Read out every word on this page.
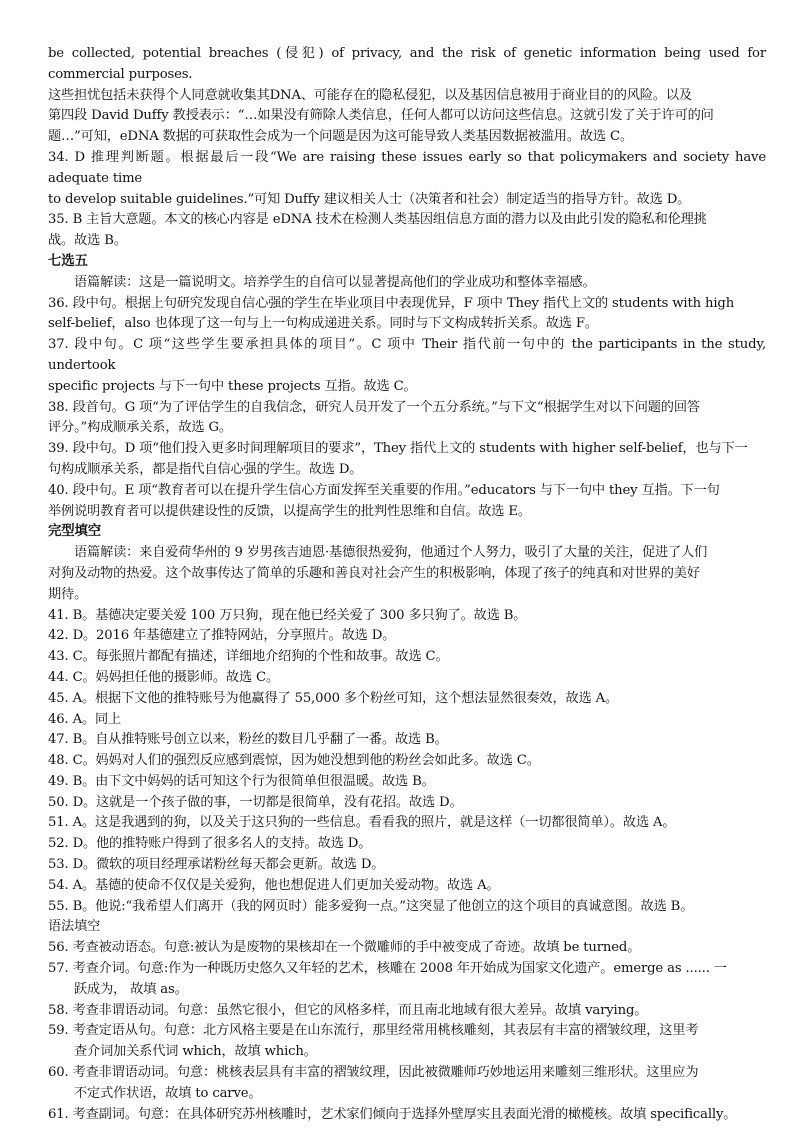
be collected, potential breaches (侵犯) of privacy, and the risk of genetic information being used for commercial purposes.

这些担忧包括未获得个人同意就收集其DNA、可能存在的隐私侵犯，以及基因信息被用于商业目的的风险。以及

第四段 David Duffy 教授表示：“…如果没有筛除人类信息，任何人都可以访问这些信息。这就引发了关于许可的问

题…”可知，eDNA 数据的可获取性会成为一个问题是因为这可能导致人类基因数据被滥用。故选 C。

34. D 推理判断题。根据最后一段“We are raising these issues early so that policymakers and society have adequate time

to develop suitable guidelines.”可知 Duffy 建议相关人士（决策者和社会）制定适当的指导方针。故选 D。

35. B 主旨大意题。本文的核心内容是 eDNA 技术在检测人类基因组信息方面的潜力以及由此引发的隐私和伦理挑

战。故选 B。

七选五

语篇解读：这是一篇说明文。培养学生的自信可以显著提高他们的学业成功和整体幸福感。

36. 段中句。根据上句研究发现自信心强的学生在毕业项目中表现优异，F 项中 They 指代上文的 students with high

self-belief，also 也体现了这一句与上一句构成递进关系。同时与下文构成转折关系。故选 F。

37. 段中句。C 项“这些学生要承担具体的项目”。C 项中 Their 指代前一句中的 the participants in the study, undertook

specific projects 与下一句中 these projects 互指。故选 C。

38. 段首句。G 项“为了评估学生的自我信念，研究人员开发了一个五分系统。”与下文“根据学生对以下问题的回答

评分。”构成顺承关系，故选 G。

39. 段中句。D 项“他们投入更多时间理解项目的要求”，They 指代上文的 students with higher self-belief，也与下一

句构成顺承关系，都是指代自信心强的学生。故选 D。

40. 段中句。E 项“教育者可以在提升学生信心方面发挥至关重要的作用。”educators 与下一句中 they 互指。下一句

举例说明教育者可以提供建设性的反馈，以提高学生的批判性思维和自信。故选 E。

完型填空

语篇解读：来自爱荷华州的 9 岁男孩吉迪恩·基德很热爱狗，他通过个人努力，吸引了大量的关注，促进了人们

对狗及动物的热爱。这个故事传达了简单的乐趣和善良对社会产生的积极影响，体现了孩子的纯真和对世界的美好

期待。

41. B。基德决定要关爱 100 万只狗，现在他已经关爱了 300 多只狗了。故选 B。

42. D。2016 年基德建立了推特网站，分享照片。故选 D。

43. C。每张照片都配有描述，详细地介绍狗的个性和故事。故选 C。

44. C。妈妈担任他的摄影师。故选 C。

45. A。根据下文他的推特账号为他赢得了 55,000 多个粉丝可知，这个想法显然很奏效，故选 A。

46. A。同上

47. B。自从推特账号创立以来，粉丝的数目几乎翻了一番。故选 B。

48. C。妈妈对人们的强烈反应感到震惊，因为她没想到他的粉丝会如此多。故选 C。

49. B。由下文中妈妈的话可知这个行为很简单但很温暖。故选 B。

50. D。这就是一个孩子做的事，一切都是很简单，没有花招。故选 D。

51. A。这是我遇到的狗，以及关于这只狗的一些信息。看看我的照片，就是这样（一切都很简单）。故选 A。

52. D。他的推特账户得到了很多名人的支持。故选 D。

53. D。微软的项目经理承诺粉丝每天都会更新。故选 D。

54. A。基德的使命不仅仅是关爱狗，他也想促进人们更加关爱动物。故选 A。

55. B。他说:“我希望人们离开（我的网页时）能多爱狗一点。”这突显了他创立的这个项目的真诚意图。故选 B。

语法填空

56. 考查被动语态。句意:被认为是废物的果核却在一个微雕师的手中被变成了奇迹。故填 be turned。

57. 考查介词。句意:作为一种既历史悠久又年轻的艺术，核雕在 2008 年开始成为国家文化遗产。emerge as ...... 一

跃成为， 故填 as。

58. 考查非谓语动词。句意：虽然它很小，但它的风格多样，而且南北地域有很大差异。故填 varying。

59. 考查定语从句。句意：北方风格主要是在山东流行，那里经常用桃核雕刻，其表层有丰富的褶皱纹理，这里考

查介词加关系代词 which，故填 which。

60. 考查非谓语动词。句意：桃核表层具有丰富的褶皱纹理，因此被微雕师巧妙地运用来雕刻三维形状。这里应为

不定式作状语，故填 to carve。

61. 考查副词。句意：在具体研究苏州核雕时，艺术家们倾向于选择外壁厚实且表面光滑的橄榄核。故填 specifically。
